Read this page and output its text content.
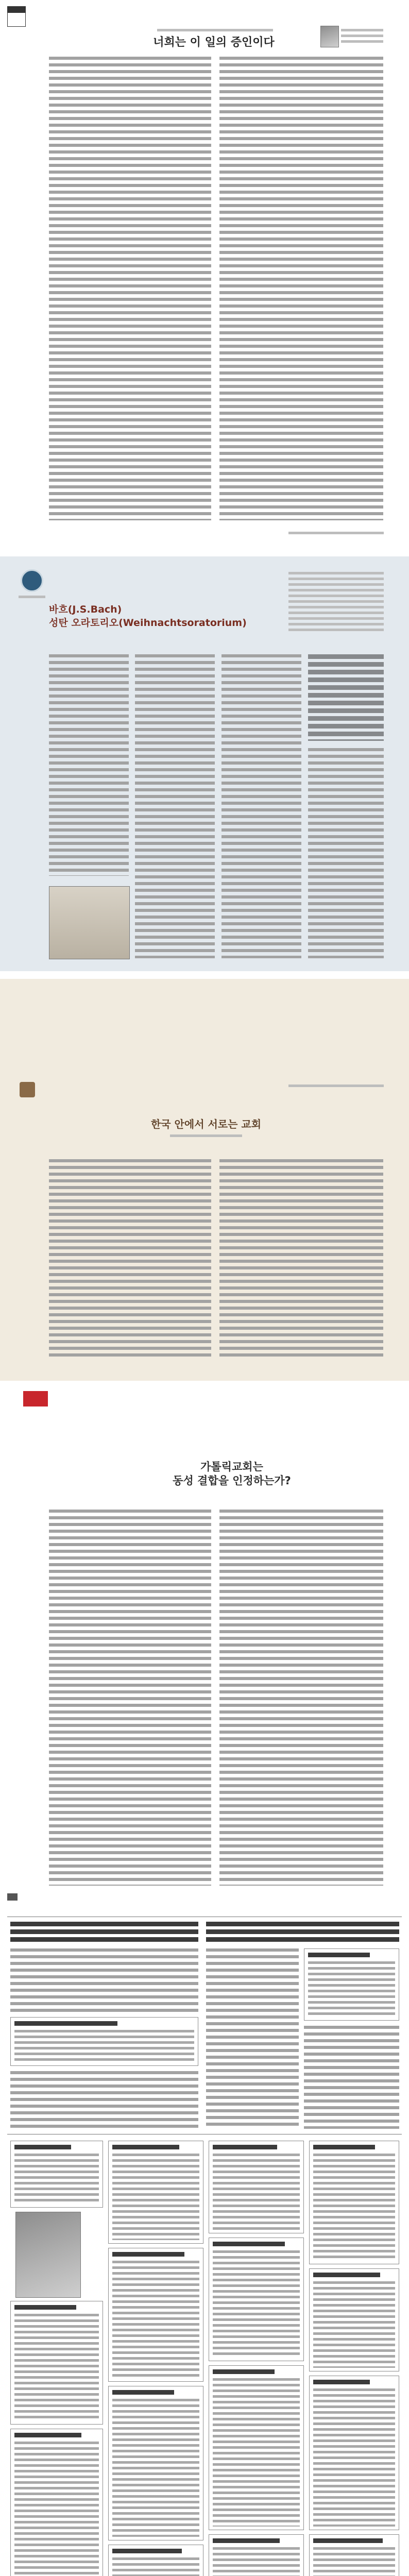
너희는 이 일의 증인이다
바흐(J.S.Bach)
성탄 오라토리오(Weihnachtsoratorium)
한국 안에서 서로는 교회
가톨릭교회는
동성 결합을 인정하는가?
